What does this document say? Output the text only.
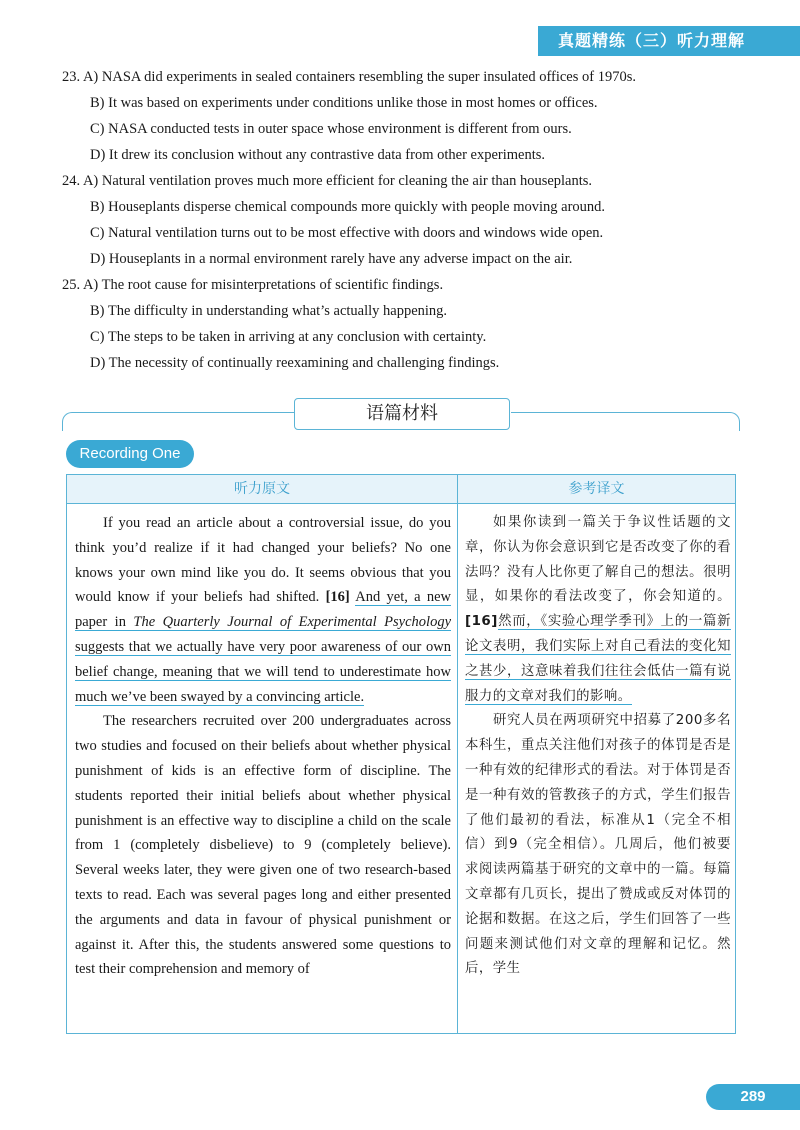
真题精练（三）听力理解
23. A) NASA did experiments in sealed containers resembling the super insulated offices of 1970s.
B) It was based on experiments under conditions unlike those in most homes or offices.
C) NASA conducted tests in outer space whose environment is different from ours.
D) It drew its conclusion without any contrastive data from other experiments.
24. A) Natural ventilation proves much more efficient for cleaning the air than houseplants.
B) Houseplants disperse chemical compounds more quickly with people moving around.
C) Natural ventilation turns out to be most effective with doors and windows wide open.
D) Houseplants in a normal environment rarely have any adverse impact on the air.
25. A) The root cause for misinterpretations of scientific findings.
B) The difficulty in understanding what’s actually happening.
C) The steps to be taken in arriving at any conclusion with certainty.
D) The necessity of continually reexamining and challenging findings.
语篇材料
Recording One
听力原文	参考译文

If you read an article about a controversial issue, do you think you’d realize if it had changed your beliefs? No one knows your own mind like you do. It seems obvious that you would know if your beliefs had shifted. [16] And yet, a new paper in The Quarterly Journal of Experimental Psychology suggests that we actually have very poor awareness of our own belief change, meaning that we will tend to underestimate how much we’ve been swayed by a convincing article.

The researchers recruited over 200 undergraduates across two studies and focused on their beliefs about whether physical punishment of kids is an effective form of discipline. The students reported their initial beliefs about whether physical punishment is an effective way to discipline a child on the scale from 1 (completely disbelieve) to 9 (completely believe). Several weeks later, they were given one of two research-based texts to read. Each was several pages long and either presented the arguments and data in favour of physical punishment or against it. After this, the students answered some questions to test their comprehension and memory of

如果你读到一篇关于争议性话题的文章，你认为你会意识到它是否改变了你的看法吗？没有人比你更了解自己的想法。很明显，如果你的看法改变了，你会知道的。[16]然而，《实验心理学季刊》上的一篇新论文表明，我们实际上对自己看法的变化知之甚少，这意味着我们往往会低估一篇有说服力的文章对我们的影响。

研究人员在两项研究中招募了200多名本科生，重点关注他们对孩子的体罚是否是一种有效的纪律形式的看法。对于体罚是否是一种有效的管教孩子的方式，学生们报告了他们最初的看法，标准从1（完全不相信）到9（完全相信）。几周后，他们被要求阅读两篇基于研究的文章中的一篇。每篇文章都有几页长，提出了赞成或反对体罚的论据和数据。在这之后，学生们回答了一些问题来测试他们对文章的理解和记忆。然后，学生

289
